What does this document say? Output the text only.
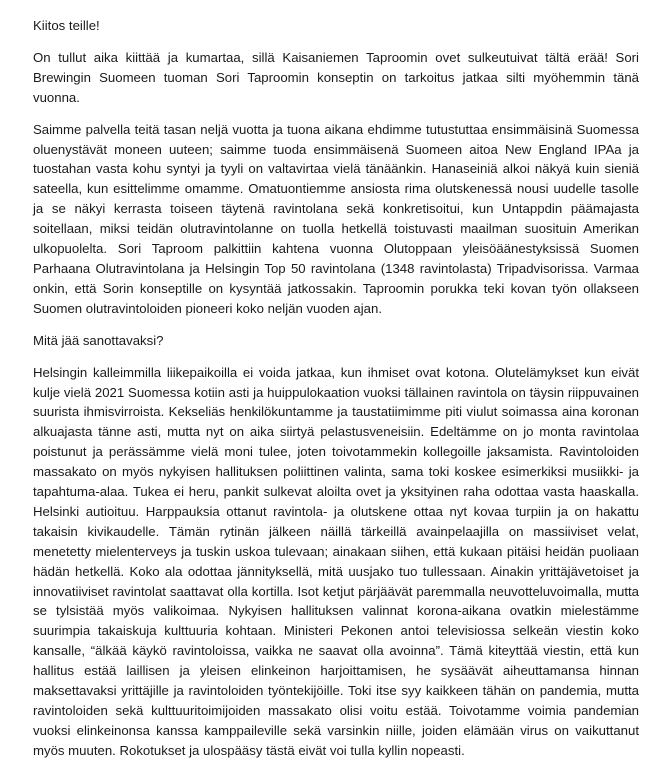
Kiitos teille!

On tullut aika kiittää ja kumartaa, sillä Kaisaniemen Taproomin ovet sulkeutuivat tältä erää! Sori Brewingin Suomeen tuoman Sori Taproomin konseptin on tarkoitus jatkaa silti myöhemmin tänä vuonna.

Saimme palvella teitä tasan neljä vuotta ja tuona aikana ehdimme tutustuttaa ensimmäisinä Suomessa oluenystävät moneen uuteen; saimme tuoda ensimmäisenä Suomeen aitoa New England IPAa ja tuostahan vasta kohu syntyi ja tyyli on valtavirtaa vielä tänäänkin. Hanaseiniä alkoi näkyä kuin sieniä sateella, kun esittelimme omamme. Omatuontiemme ansiosta rima olutskenessä nousi uudelle tasolle ja se näkyi kerrasta toiseen täytenä ravintolana sekä konkretisoitui, kun Untappdin päämajasta soitellaan, miksi teidän olutravintolanne on tuolla hetkellä toistuvasti maailman suosituin Amerikan ulkopuolelta. Sori Taproom palkittiin kahtena vuonna Olutoppaan yleisöäänestyksissä Suomen Parhaana Olutravintolana ja Helsingin Top 50 ravintolana (1348 ravintolasta) Tripadvisorissa. Varmaa onkin, että Sorin konseptille on kysyntää jatkossakin. Taproomin porukka teki kovan työn ollakseen Suomen olutravintoloiden pioneeri koko neljän vuoden ajan.

Mitä jää sanottavaksi?

Helsingin kalleimmilla liikepaikoilla ei voida jatkaa, kun ihmiset ovat kotona. Olutelämykset kun eivät kulje vielä 2021 Suomessa kotiin asti ja huippulokaation vuoksi tällainen ravintola on täysin riippuvainen suurista ihmisvirroista. Kekseliäs henkilökuntamme ja taustatiimimme piti viulut soimassa aina koronan alkuajasta tänne asti, mutta nyt on aika siirtyä pelastusveneisiin. Edeltämme on jo monta ravintolaa poistunut ja perässämme vielä moni tulee, joten toivotammekin kollegoille jaksamista. Ravintoloiden massakato on myös nykyisen hallituksen poliittinen valinta, sama toki koskee esimerkiksi musiikki- ja tapahtuma-alaa. Tukea ei heru, pankit sulkevat aloilta ovet ja yksityinen raha odottaa vasta haaskalla. Helsinki autioituu. Harppauksia ottanut ravintola- ja olutskene ottaa nyt kovaa turpiin ja on hakattu takaisin kivikaudelle. Tämän rytinän jälkeen näillä tärkeillä avainpelaajilla on massiiviset velat, menetetty mielenterveys ja tuskin uskoa tulevaan; ainakaan siihen, että kukaan pitäisi heidän puoliaan hädän hetkellä. Koko ala odottaa jännityksellä, mitä uusjako tuo tullessaan. Ainakin yrittäjävetoiset ja innovatiiviset ravintolat saattavat olla kortilla. Isot ketjut pärjäävät paremmalla neuvotteluvoimalla, mutta se tylsistää myös valikoimaa. Nykyisen hallituksen valinnat korona-aikana ovatkin mielestämme suurimpia takaiskuja kulttuuria kohtaan. Ministeri Pekonen antoi televisiossa selkeän viestin koko kansalle, “älkää käykö ravintoloissa, vaikka ne saavat olla avoinna”. Tämä kiteyttää viestin, että kun hallitus estää laillisen ja yleisen elinkeinon harjoittamisen, he sysäävät aiheuttamansa hinnan maksettavaksi yrittäjille ja ravintoloiden työntekijöille. Toki itse syy kaikkeen tähän on pandemia, mutta ravintoloiden sekä kulttuuritoimijoiden massakato olisi voitu estää. Toivotamme voimia pandemian vuoksi elinkeinonsa kanssa kamppaileville sekä varsinkin niille, joiden elämään virus on vaikuttanut myös muuten. Rokotukset ja ulospääsy tästä eivät voi tulla kyllin nopeasti.
